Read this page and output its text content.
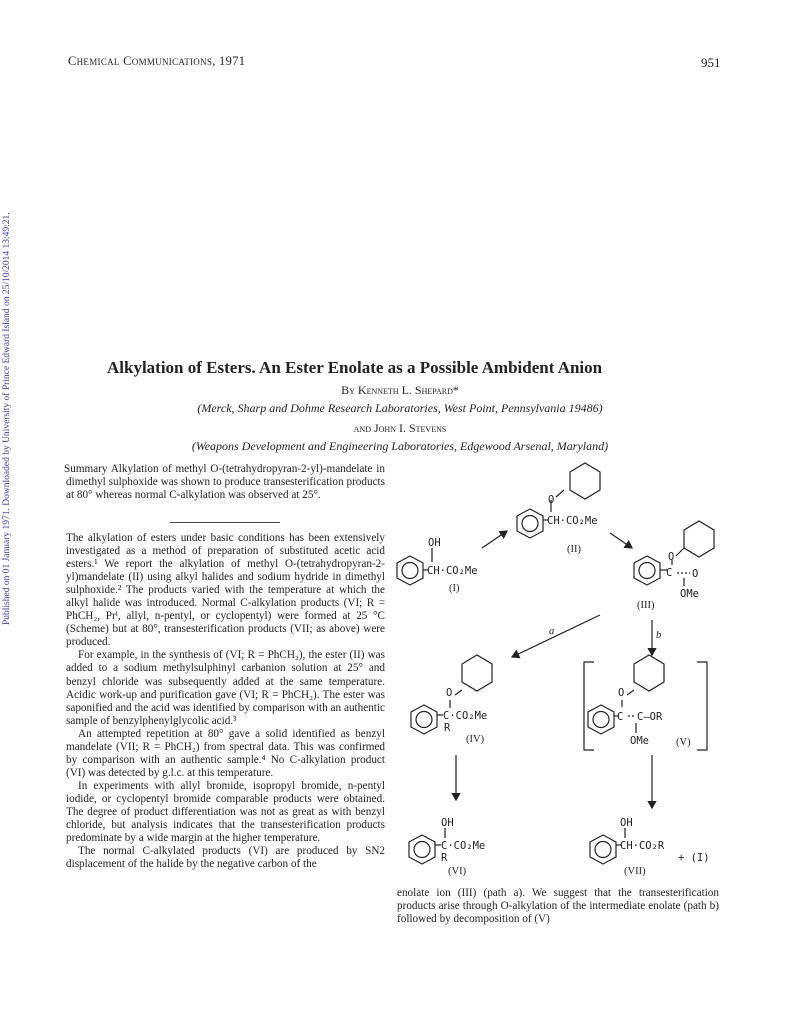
Chemical Communications, 1971	951
Published on 01 January 1971. Downloaded by University of Prince Edward Island on 25/10/2014 13:49:21.	Alkylation of Esters. An Ester Enolate as a Possible Ambident Anion
By Kenneth L. Shepard*
(Merck, Sharp and Dohme Research Laboratories, West Point, Pennsylvania 19486)
and John I. Stevens
(Weapons Development and Engineering Laboratories, Edgewood Arsenal, Maryland)
Summary Alkylation of methyl O-(tetrahydropyran-2-yl)-mandelate in dimethyl sulphoxide was shown to produce transesterification products at 80° whereas normal C-alkylation was observed at 25°.

The alkylation of esters under basic conditions has been extensively investigated as a method of preparation of substituted acetic acid esters.¹ We report the alkylation of methyl O-(tetrahydropyran-2-yl)mandelate (II) using alkyl halides and sodium hydride in dimethyl sulphoxide.² The products varied with the temperature at which the alkyl halide was introduced. Normal C-alkylation products (VI; R = PhCH₂, Prⁱ, allyl, n-pentyl, or cyclopentyl) were formed at 25 °C (Scheme) but at 80°, transesterification products (VII; as above) were produced.

For example, in the synthesis of (VI; R = PhCH₂), the ester (II) was added to a sodium methylsulphinyl carbanion solution at 25° and benzyl chloride was subsequently added at the same temperature. Acidic work-up and purification gave (VI; R = PhCH₂). The ester was saponified and the acid was identified by comparison with an authentic sample of benzylphenylglycolic acid.³

An attempted repetition at 80° gave a solid identified as benzyl mandelate (VII; R = PhCH₂) from spectral data. This was confirmed by comparison with an authentic sample.⁴ No C-alkylation product (VI) was detected by g.l.c. at this temperature.

In experiments with allyl bromide, isopropyl bromide, n-pentyl iodide, or cyclopentyl bromide comparable products were obtained. The degree of product differentiation was not as great as with benzyl chloride, but analysis indicates that the transesterification products predominate by a wide margin at the higher temperature.

The normal C-alkylated products (VI) are produced by SN2 displacement of the halide by the negative carbon of the

enolate ion (III) (path a). We suggest that the transesterification products arise through O-alkylation of the intermediate enolate (path b) followed by decomposition of (V)
OH
CH·CO₂Me
(I)
O
CH·CO₂Me
(II)
O
C O
OMe
(III)
a	b
O
C·CO₂Me
R
(IV)
O
C C—OR
OMe	(V)
OH
C·CO₂Me
R
(VI)
OH
CH·CO₂R
+ (I)
(VII)
